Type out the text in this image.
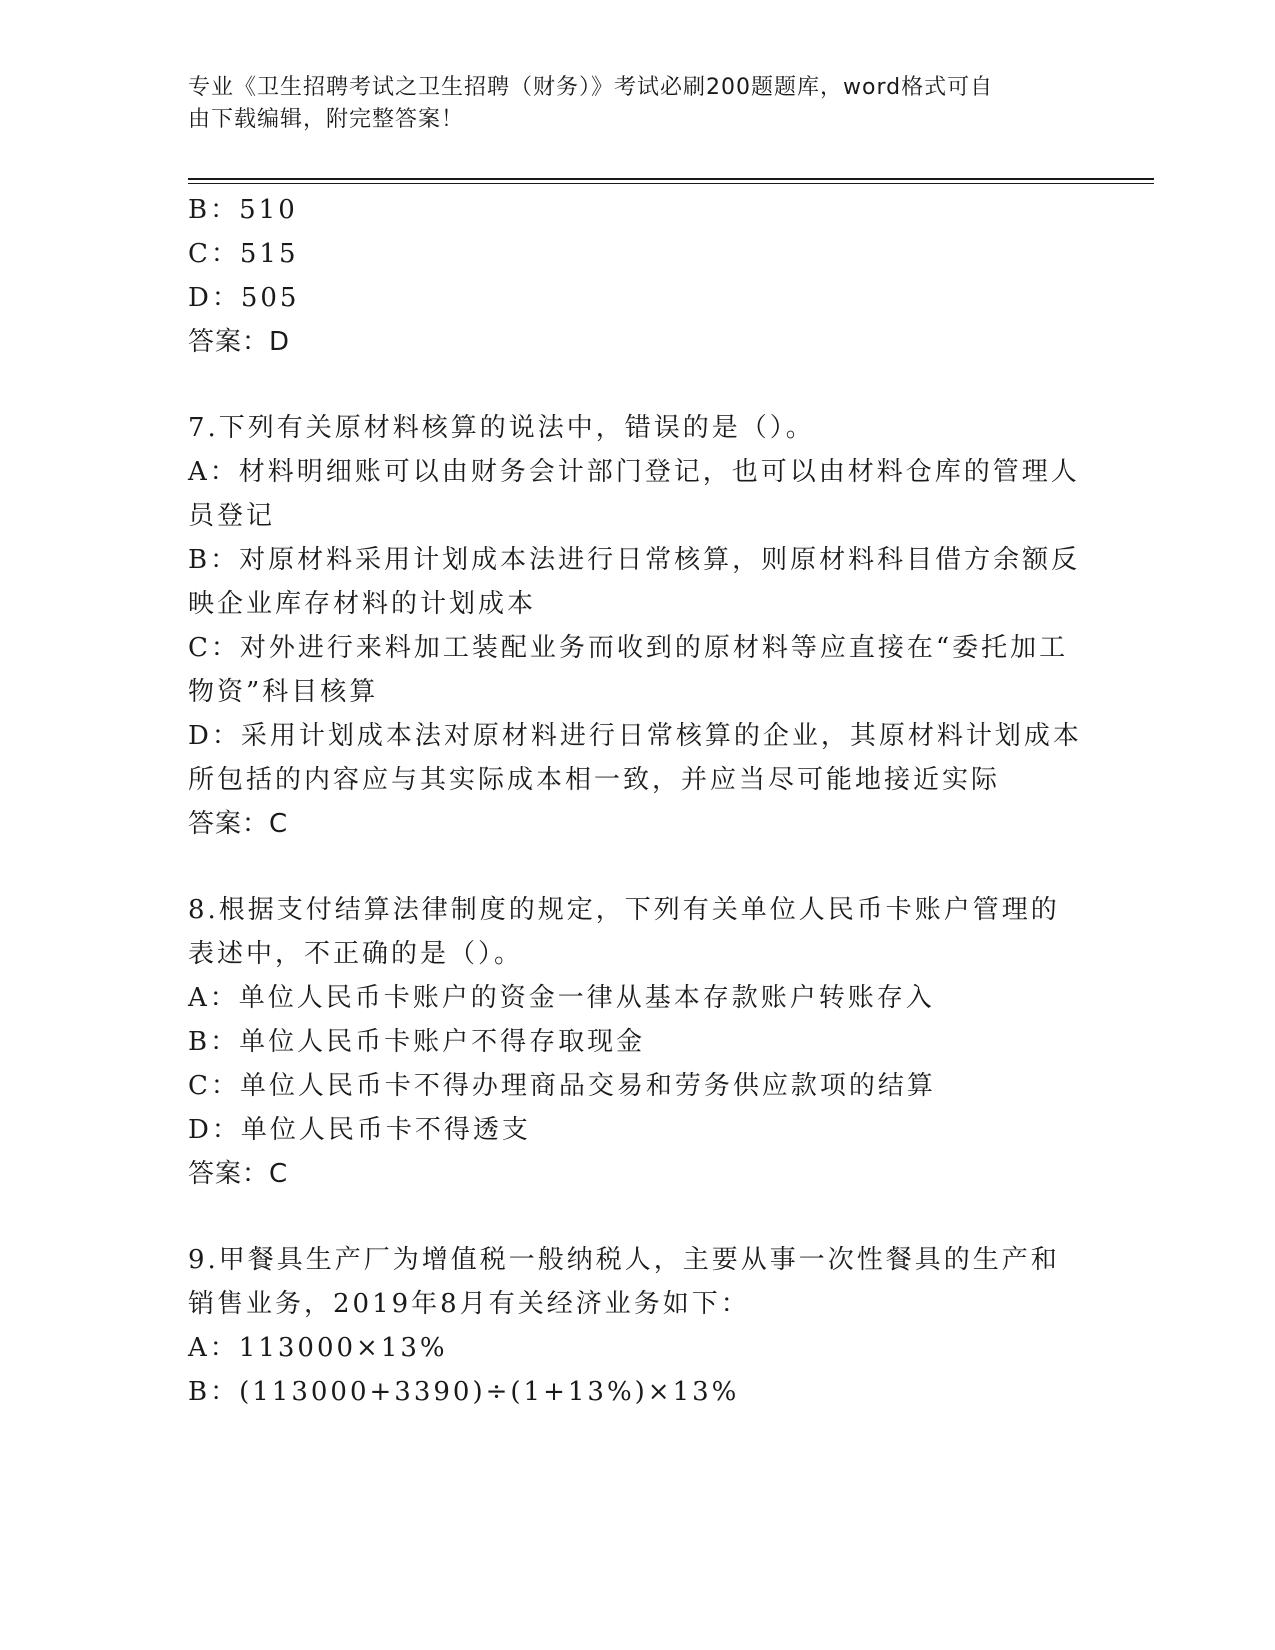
专业《卫生招聘考试之卫生招聘（财务）》考试必刷200题题库，word格式可自
由下载编辑，附完整答案！
B：510
C：515
D：505
答案：D
7.下列有关原材料核算的说法中，错误的是（）。
A：材料明细账可以由财务会计部门登记，也可以由材料仓库的管理人
员登记
B：对原材料采用计划成本法进行日常核算，则原材料科目借方余额反
映企业库存材料的计划成本
C：对外进行来料加工装配业务而收到的原材料等应直接在“委托加工
物资”科目核算
D：采用计划成本法对原材料进行日常核算的企业，其原材料计划成本
所包括的内容应与其实际成本相一致，并应当尽可能地接近实际
答案：C
8.根据支付结算法律制度的规定，下列有关单位人民币卡账户管理的
表述中，不正确的是（）。
A：单位人民币卡账户的资金一律从基本存款账户转账存入
B：单位人民币卡账户不得存取现金
C：单位人民币卡不得办理商品交易和劳务供应款项的结算
D：单位人民币卡不得透支
答案：C
9.甲餐具生产厂为增值税一般纳税人，主要从事一次性餐具的生产和
销售业务，2019年8月有关经济业务如下：
A：113000×13%
B：(113000+3390)÷(1+13%)×13%
